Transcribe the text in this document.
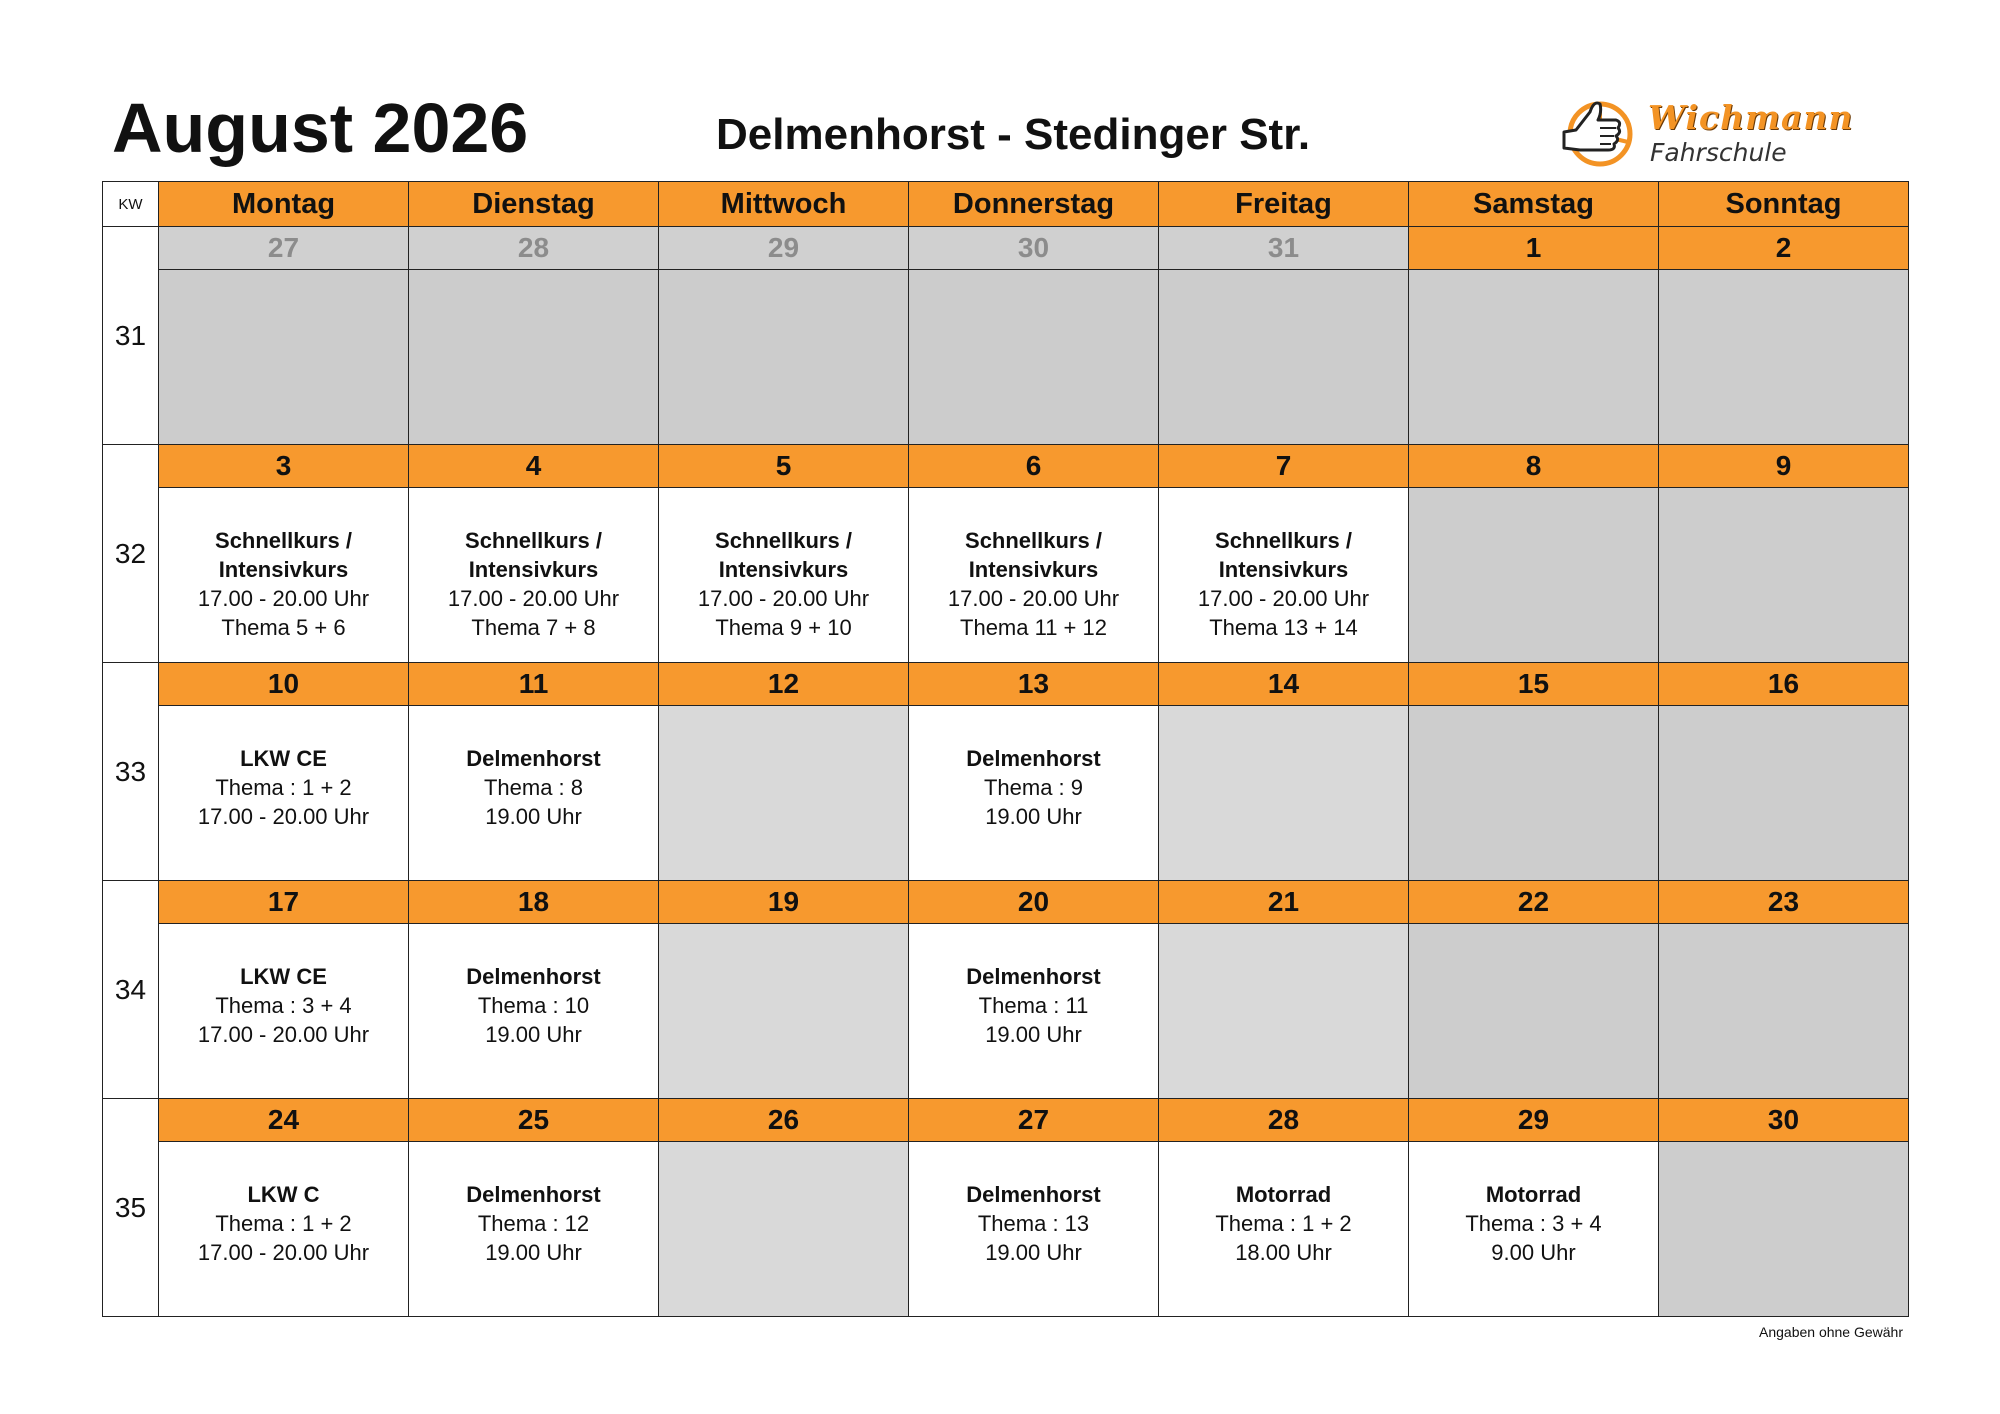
August 2026	Delmenhorst - Stedinger Str.	Wichmann
Fahrschule
KW	Montag	Dienstag	Mittwoch	Donnerstag	Freitag	Samstag	Sonntag
31	27	28	29	30	31	1	2

32	3	4	5	6	7	8	9

	Schnellkurs /
Intensivkurs
17.00 - 20.00 Uhr
Thema 5 + 6	Schnellkurs /
Intensivkurs
17.00 - 20.00 Uhr
Thema 7 + 8	Schnellkurs /
Intensivkurs
17.00 - 20.00 Uhr
Thema 9 + 10	Schnellkurs /
Intensivkurs
17.00 - 20.00 Uhr
Thema 11 + 12	Schnellkurs /
Intensivkurs
17.00 - 20.00 Uhr
Thema 13 + 14		

33	10	11	12	13	14	15	16

	LKW CE
Thema : 1 + 2
17.00 - 20.00 Uhr	Delmenhorst
Thema : 8
19.00 Uhr		Delmenhorst
Thema : 9
19.00 Uhr			

34	17	18	19	20	21	22	23

	LKW CE
Thema : 3 + 4
17.00 - 20.00 Uhr	Delmenhorst
Thema : 10
19.00 Uhr		Delmenhorst
Thema : 11
19.00 Uhr			

35	24	25	26	27	28	29	30

	LKW C
Thema : 1 + 2
17.00 - 20.00 Uhr	Delmenhorst
Thema : 12
19.00 Uhr		Delmenhorst
Thema : 13
19.00 Uhr	Motorrad
Thema : 1 + 2
18.00 Uhr	Motorrad
Thema : 3 + 4
9.00 Uhr	

Angaben ohne Gewähr
